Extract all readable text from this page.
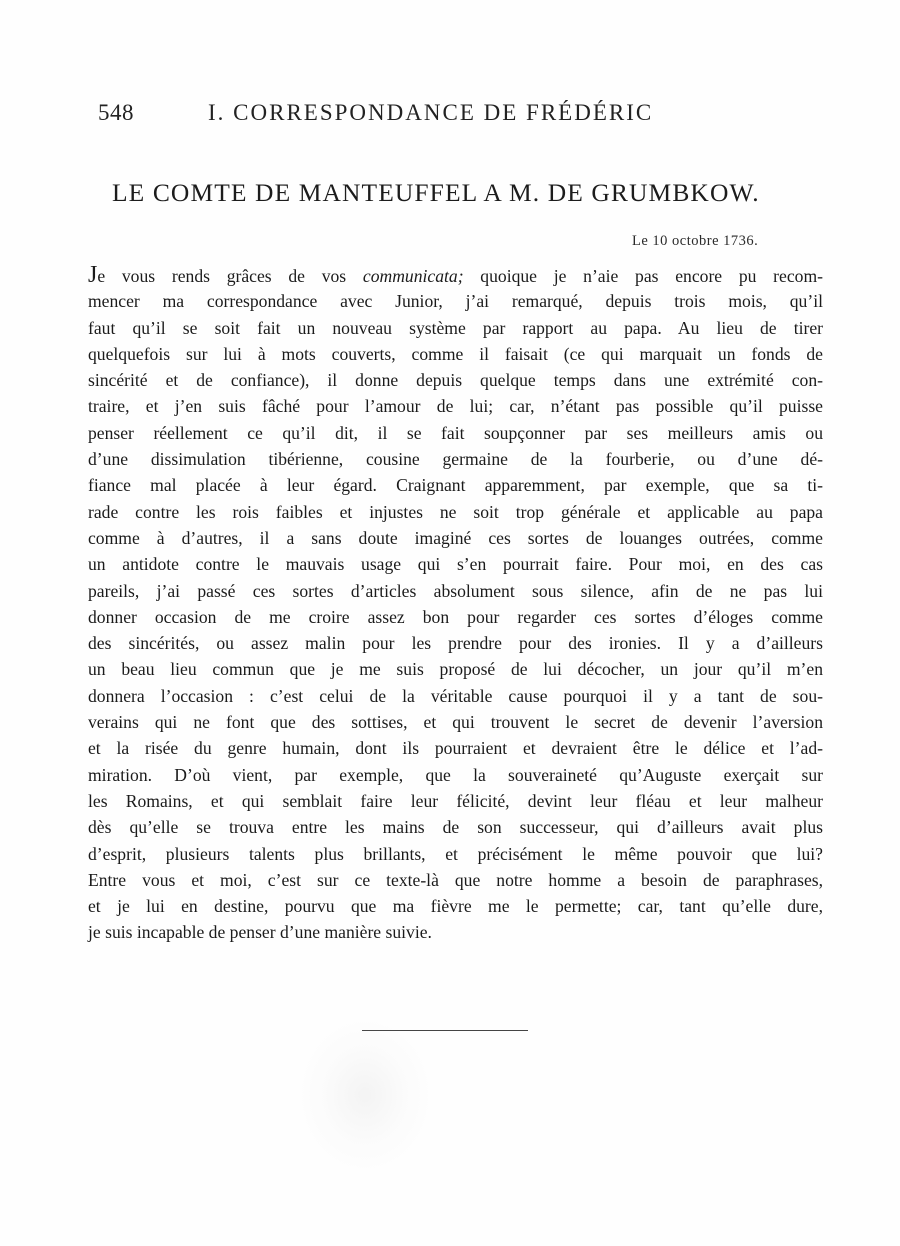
548	I. CORRESPONDANCE DE FRÉDÉRIC
LE COMTE DE MANTEUFFEL A M. DE GRUMBKOW.
Le 10 octobre 1736.
Je vous rends grâces de vos communicata; quoique je n’aie pas encore pu recom-
mencer ma correspondance avec Junior, j’ai remarqué, depuis trois mois, qu’il
faut qu’il se soit fait un nouveau système par rapport au papa. Au lieu de tirer
quelquefois sur lui à mots couverts, comme il faisait (ce qui marquait un fonds de
sincérité et de confiance), il donne depuis quelque temps dans une extrémité con-
traire, et j’en suis fâché pour l’amour de lui; car, n’étant pas possible qu’il puisse
penser réellement ce qu’il dit, il se fait soupçonner par ses meilleurs amis ou
d’une dissimulation tibérienne, cousine germaine de la fourberie, ou d’une dé-
fiance mal placée à leur égard. Craignant apparemment, par exemple, que sa ti-
rade contre les rois faibles et injustes ne soit trop générale et applicable au papa
comme à d’autres, il a sans doute imaginé ces sortes de louanges outrées, comme
un antidote contre le mauvais usage qui s’en pourrait faire. Pour moi, en des cas
pareils, j’ai passé ces sortes d’articles absolument sous silence, afin de ne pas lui
donner occasion de me croire assez bon pour regarder ces sortes d’éloges comme
des sincérités, ou assez malin pour les prendre pour des ironies. Il y a d’ailleurs
un beau lieu commun que je me suis proposé de lui décocher, un jour qu’il m’en
donnera l’occasion : c’est celui de la véritable cause pourquoi il y a tant de sou-
verains qui ne font que des sottises, et qui trouvent le secret de devenir l’aversion
et la risée du genre humain, dont ils pourraient et devraient être le délice et l’ad-
miration. D’où vient, par exemple, que la souveraineté qu’Auguste exerçait sur
les Romains, et qui semblait faire leur félicité, devint leur fléau et leur malheur
dès qu’elle se trouva entre les mains de son successeur, qui d’ailleurs avait plus
d’esprit, plusieurs talents plus brillants, et précisément le même pouvoir que lui?
Entre vous et moi, c’est sur ce texte-là que notre homme a besoin de paraphrases,
et je lui en destine, pourvu que ma fièvre me le permette; car, tant qu’elle dure,
je suis incapable de penser d’une manière suivie.
